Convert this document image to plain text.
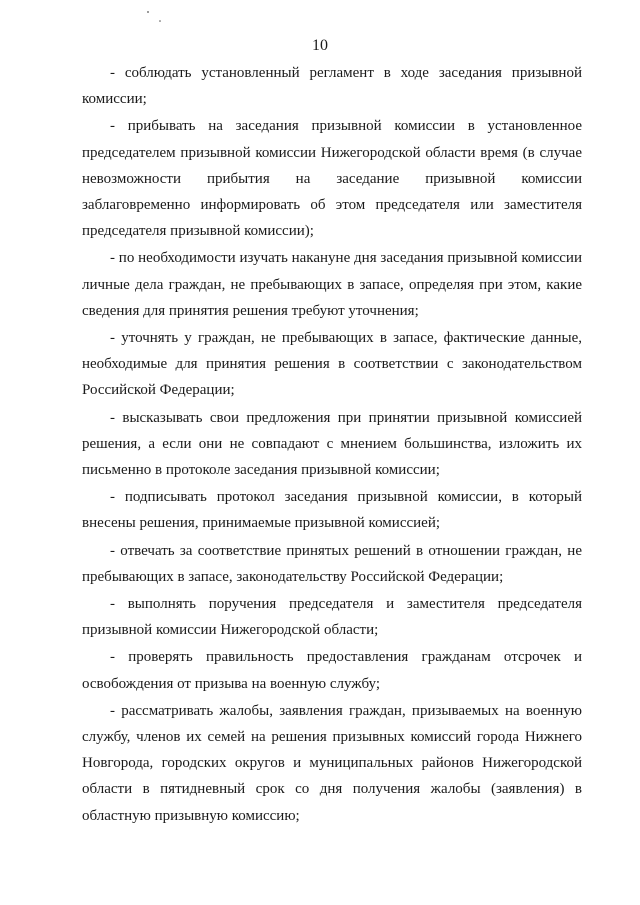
10

- соблюдать установленный регламент в ходе заседания призывной комиссии;

- прибывать на заседания призывной комиссии в установленное председателем призывной комиссии Нижегородской области время (в случае невозможности прибытия на заседание призывной комиссии заблаговременно информировать об этом председателя или заместителя председателя призывной комиссии);

- по необходимости изучать накануне дня заседания призывной комиссии личные дела граждан, не пребывающих в запасе, определяя при этом, какие сведения для принятия решения требуют уточнения;

- уточнять у граждан, не пребывающих в запасе, фактические данные, необходимые для принятия решения в соответствии с законодательством Российской Федерации;

- высказывать свои предложения при принятии призывной комиссией решения, а если они не совпадают с мнением большинства, изложить их письменно в протоколе заседания призывной комиссии;

- подписывать протокол заседания призывной комиссии, в который внесены решения, принимаемые призывной комиссией;

- отвечать за соответствие принятых решений в отношении граждан, не пребывающих в запасе, законодательству Российской Федерации;

- выполнять поручения председателя и заместителя председателя призывной комиссии Нижегородской области;

- проверять правильность предоставления гражданам отсрочек и освобождения от призыва на военную службу;

- рассматривать жалобы, заявления граждан, призываемых на военную службу, членов их семей на решения призывных комиссий города Нижнего Новгорода, городских округов и муниципальных районов Нижегородской области в пятидневный срок со дня получения жалобы (заявления) в областную призывную комиссию;
